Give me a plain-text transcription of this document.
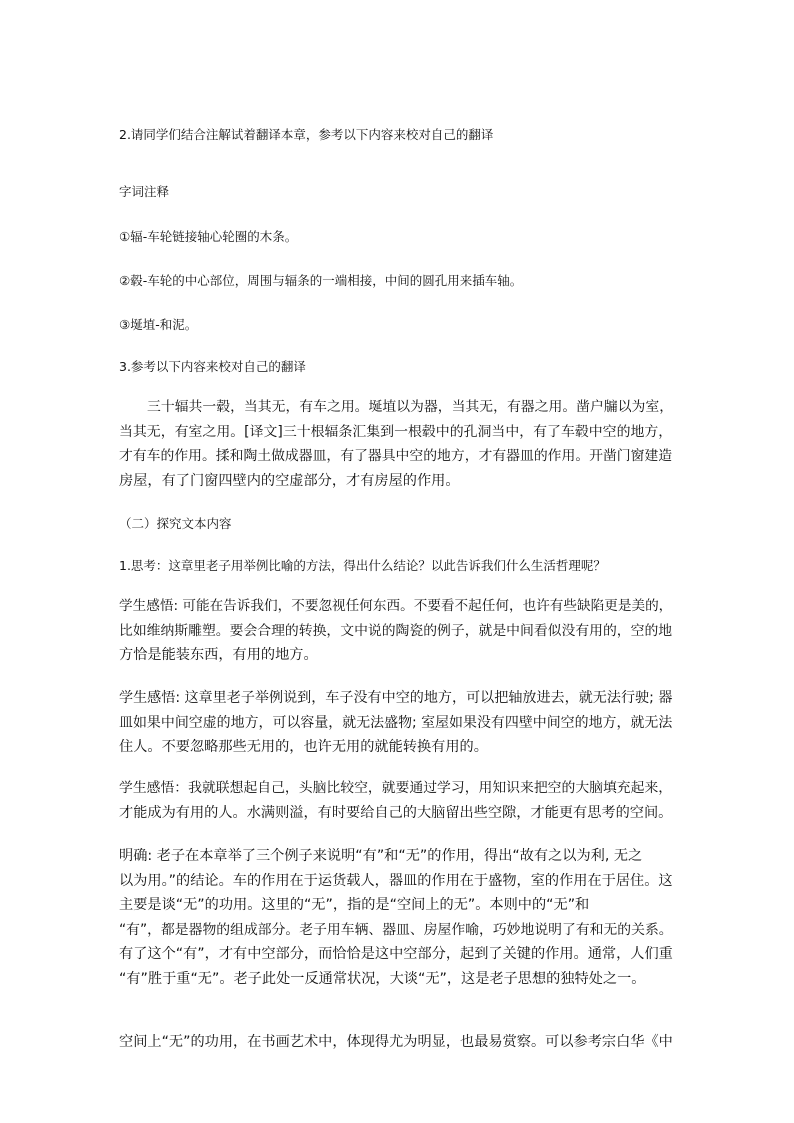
2.请同学们结合注解试着翻译本章，参考以下内容来校对自己的翻译

字词注释

①辐-车轮链接轴心轮圈的木条。

②毂-车轮的中心部位，周围与辐条的一端相接，中间的圆孔用来插车轴。

③埏埴-和泥。

3.参考以下内容来校对自己的翻译

三十辐共一毂，当其无，有车之用。埏埴以为器，当其无，有器之用。凿户牖以为室，
当其无，有室之用。[译文]三十根辐条汇集到一根毂中的孔洞当中，有了车毂中空的地方，
才有车的作用。揉和陶土做成器皿，有了器具中空的地方，才有器皿的作用。开凿门窗建造
房屋，有了门窗四壁内的空虚部分，才有房屋的作用。

（二）探究文本内容

1.思考：这章里老子用举例比喻的方法，得出什么结论？以此告诉我们什么生活哲理呢？

学生感悟: 可能在告诉我们，不要忽视任何东西。不要看不起任何，也许有些缺陷更是美的，
比如维纳斯雕塑。要会合理的转换，文中说的陶瓷的例子，就是中间看似没有用的，空的地
方恰是能装东西，有用的地方。
学生感悟: 这章里老子举例说到，车子没有中空的地方，可以把轴放进去，就无法行驶; 器
皿如果中间空虚的地方，可以容量，就无法盛物; 室屋如果没有四壁中间空的地方，就无法
住人。不要忽略那些无用的，也许无用的就能转换有用的。
学生感悟：我就联想起自己，头脑比较空，就要通过学习，用知识来把空的大脑填充起来，
才能成为有用的人。水满则溢，有时要给自己的大脑留出些空隙，才能更有思考的空间。
明确: 老子在本章举了三个例子来说明“有”和“无”的作用，得出“故有之以为利, 无之
以为用。”的结论。车的作用在于运货载人，器皿的作用在于盛物，室的作用在于居住。这
主要是谈“无”的功用。这里的“无”，指的是“空间上的无”。本则中的“无”和
“有”，都是器物的组成部分。老子用车辆、器皿、房屋作喻，巧妙地说明了有和无的关系。
有了这个“有”，才有中空部分，而恰恰是这中空部分，起到了关键的作用。通常，人们重
“有”胜于重“无”。老子此处一反通常状况，大谈“无”，这是老子思想的独特处之一。
空间上“无”的功用，在书画艺术中，体现得尤为明显，也最易赏察。可以参考宗白华《中
